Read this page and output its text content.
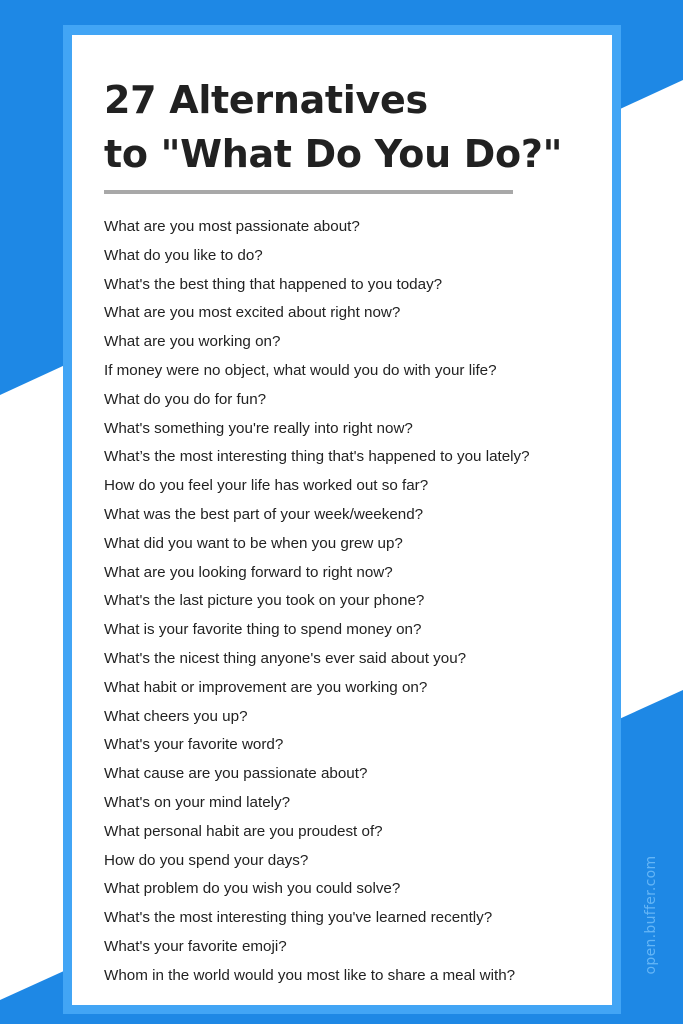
27 Alternatives
to "What Do You Do?"
What are you most passionate about?
What do you like to do?
What's the best thing that happened to you today?
What are you most excited about right now?
What are you working on?
If money were no object, what would you do with your life?
What do you do for fun?
What's something you're really into right now?
What’s the most interesting thing that's happened to you lately?
How do you feel your life has worked out so far?
What was the best part of your week/weekend?
What did you want to be when you grew up?
What are you looking forward to right now?
What's the last picture you took on your phone?
What is your favorite thing to spend money on?
What's the nicest thing anyone's ever said about you?
What habit or improvement are you working on?
What cheers you up?
What's your favorite word?
What cause are you passionate about?
What's on your mind lately?
What personal habit are you proudest of?
How do you spend your days?
What problem do you wish you could solve?
What's the most interesting thing you've learned recently?
What's your favorite emoji?
Whom in the world would you most like to share a meal with?
open.buffer.com
